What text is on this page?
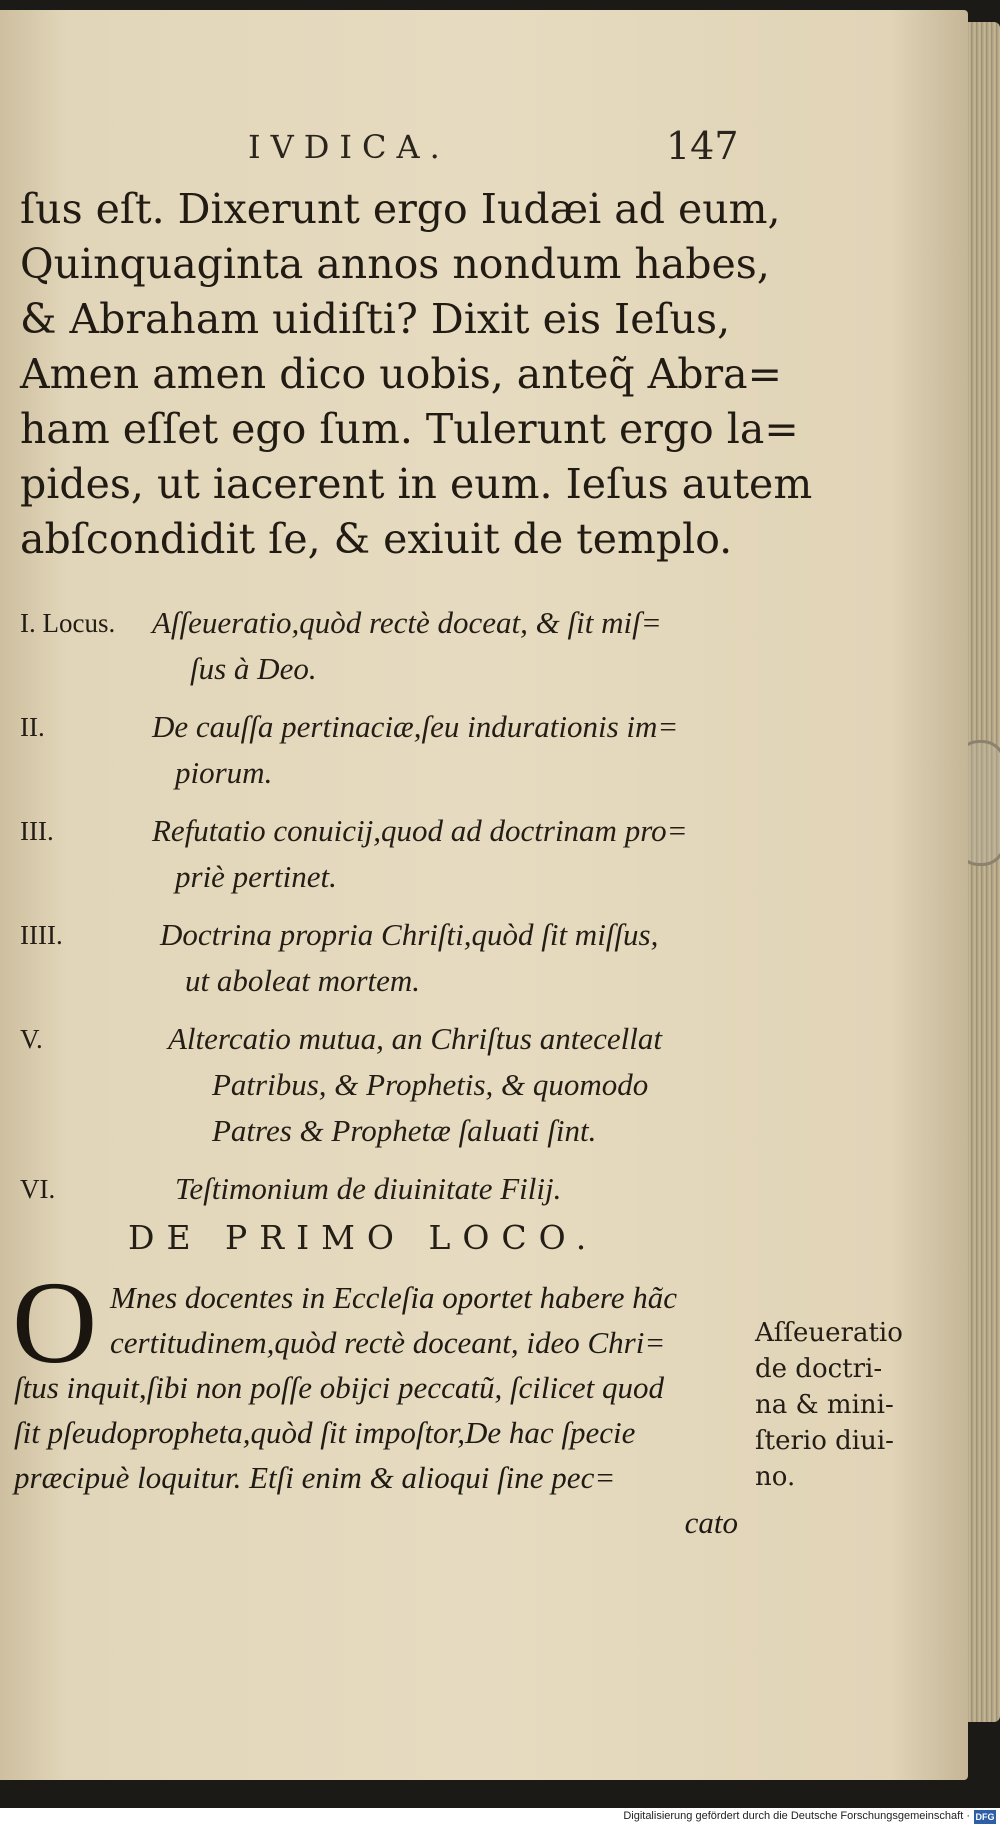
IVDICA.	147
ſus eſt. Dixerunt ergo Iudæi ad eum,
Quinquaginta annos nondum habes,
& Abraham uidiſti? Dixit eis Ieſus,
Amen amen dico uobis, anteq̃ Abra=
ham eſſet ego ſum. Tulerunt ergo la=
pides, ut iacerent in eum. Ieſus autem
abſcondidit ſe, & exiuit de templo.
I. Locus. Aſſeueratio,quòd rectè doceat, & ſit miſ=
ſus à Deo.
II.	De cauſſa pertinaciæ,ſeu indurationis im=
piorum.
III.	Refutatio conuicij,quod ad doctrinam pro=
priè pertinet.
IIII.	Doctrina propria Chriſti,quòd ſit miſſus,
ut aboleat mortem.
V.	Altercatio mutua, an Chriſtus antecellat
Patribus, & Prophetis, & quomodo
Patres & Prophetæ ſaluati ſint.
VI.	Teſtimonium de diuinitate Filij.
DE PRIMO LOCO.
O Mnes docentes in Eccleſia oportet habere hãc
certitudinem,quòd rectè doceant, ideo Chri=
ſtus inquit,ſibi non poſſe obijci peccatũ, ſcilicet quod
ſit pſeudopropheta,quòd ſit impoſtor,De hac ſpecie
præcipuè loquitur. Etſi enim & alioqui ſine pec=
cato
Aſſeueratio
de doctri-
na & mini-
ſterio diui-
no.
Digitalisierung gefördert durch die Deutsche Forschungsgemeinschaft · DFG
